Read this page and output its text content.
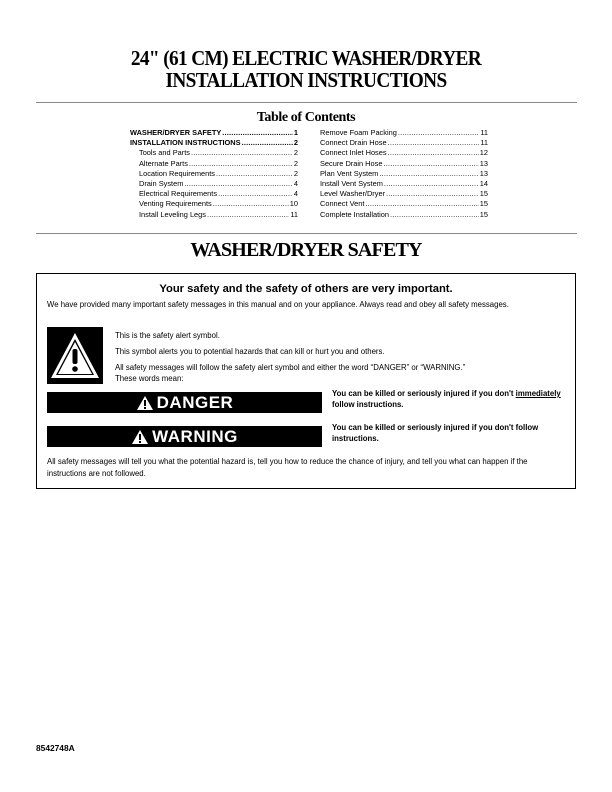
24" (61 CM) ELECTRIC WASHER/DRYER
INSTALLATION INSTRUCTIONS
Table of Contents
WASHER/DRYER SAFETY .....	1
INSTALLATION INSTRUCTIONS .....	2
Tools and Parts .....	2
Alternate Parts .....	2
Location Requirements .....	2
Drain System .....	4
Electrical Requirements .....	4
Venting Requirements .....	10
Install Leveling Legs .....	11
Remove Foam Packing .....	11
Connect Drain Hose .....	11
Connect Inlet Hoses .....	12
Secure Drain Hose .....	13
Plan Vent System .....	13
Install Vent System .....	14
Level Washer/Dryer .....	15
Connect Vent .....	15
Complete Installation .....	15
WASHER/DRYER SAFETY
Your safety and the safety of others are very important.
We have provided many important safety messages in this manual and on your appliance. Always read and obey all safety messages.
This is the safety alert symbol.
This symbol alerts you to potential hazards that can kill or hurt you and others.
All safety messages will follow the safety alert symbol and either the word “DANGER” or “WARNING.”
These words mean:
DANGER	You can be killed or seriously injured if you don't immediately follow instructions.
WARNING	You can be killed or seriously injured if you don't follow instructions.
All safety messages will tell you what the potential hazard is, tell you how to reduce the chance of injury, and tell you what can happen if the instructions are not followed.
8542748A
